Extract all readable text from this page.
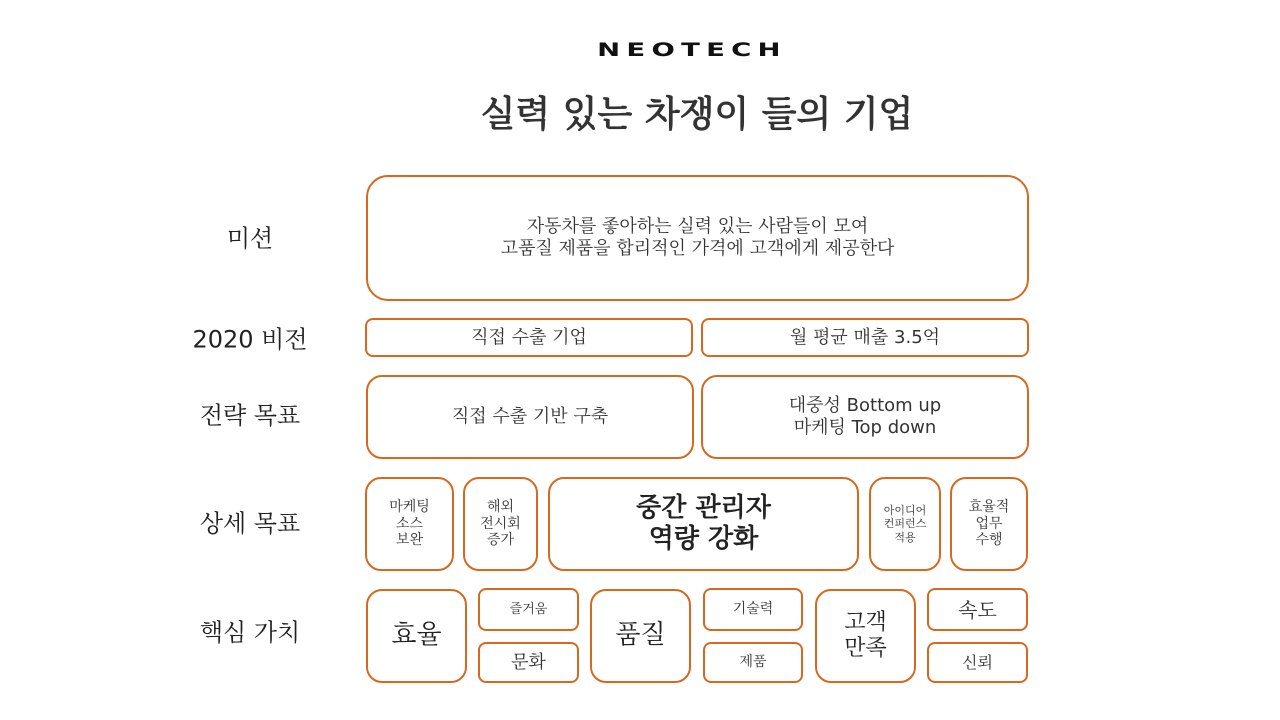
NEOTECH
실력 있는 차쟁이 들의 기업
미션
2020 비전
전략 목표
상세 목표
핵심 가치
자동차를 좋아하는 실력 있는 사람들이 모여
고품질 제품을 합리적인 가격에 고객에게 제공한다
직접 수출 기업	월 평균 매출 3.5억
직접 수출 기반 구축
대중성 Bottom up
마케팅 Top down
마케팅
소스
보완
해외
전시회
증가
중간 관리자
역량 강화
아이디어
컨퍼런스
적용
효율적
업무
수행
효율
즐거움
문화
품질
기술력
제품
고객
만족
속도
신뢰
